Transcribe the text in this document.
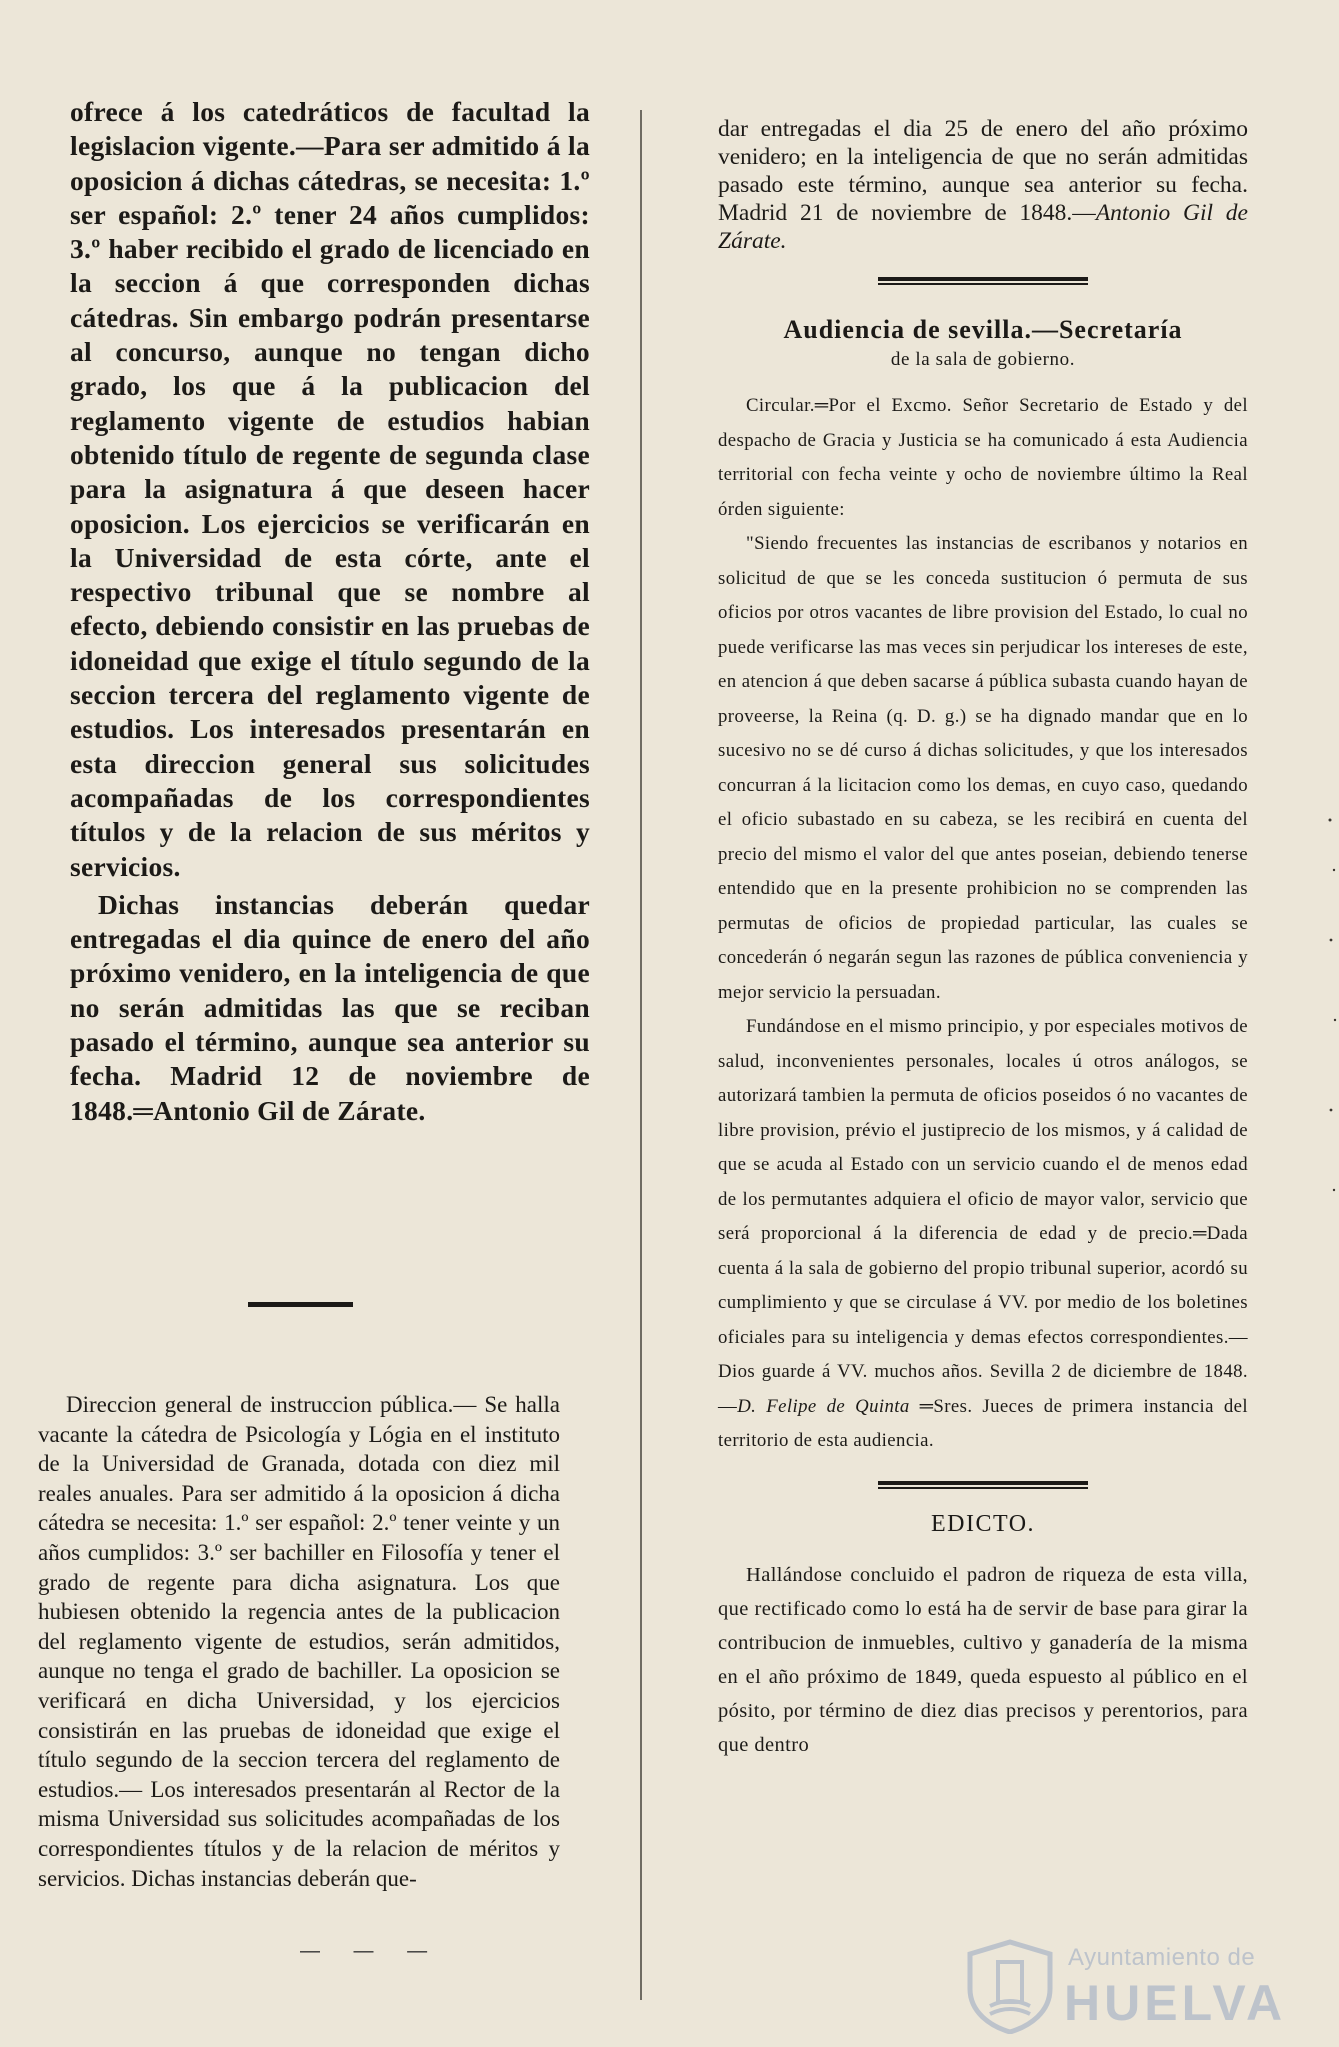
ofrece á los catedráticos de facultad la legislacion vigente.—Para ser admitido á la oposicion á dichas cátedras, se necesita: 1.º ser español: 2.º tener 24 años cumplidos: 3.º haber recibido el grado de licenciado en la seccion á que corresponden dichas cátedras. Sin embargo podrán presentarse al concurso, aunque no tengan dicho grado, los que á la publicacion del reglamento vigente de estudios habian obtenido título de regente de segunda clase para la asignatura á que deseen hacer oposicion. Los ejercicios se verificarán en la Universidad de esta córte, ante el respectivo tribunal que se nombre al efecto, debiendo consistir en las pruebas de idoneidad que exige el título segundo de la seccion tercera del reglamento vigente de estudios. Los interesados presentarán en esta direccion general sus solicitudes acompañadas de los correspondientes títulos y de la relacion de sus méritos y servicios.

Dichas instancias deberán quedar entregadas el dia quince de enero del año próximo venidero, en la inteligencia de que no serán admitidas las que se reciban pasado el término, aunque sea anterior su fecha. Madrid 12 de noviembre de 1848.═Antonio Gil de Zárate.

Direccion general de instruccion pública.— Se halla vacante la cátedra de Psicología y Lógia en el instituto de la Universidad de Granada, dotada con diez mil reales anuales. Para ser admitido á la oposicion á dicha cátedra se necesita: 1.º ser español: 2.º tener veinte y un años cumplidos: 3.º ser bachiller en Filosofía y tener el grado de regente para dicha asignatura. Los que hubiesen obtenido la regencia antes de la publicacion del reglamento vigente de estudios, serán admitidos, aunque no tenga el grado de bachiller. La oposicion se verificará en dicha Universidad, y los ejercicios consistirán en las pruebas de idoneidad que exige el título segundo de la seccion tercera del reglamento de estudios.— Los interesados presentarán al Rector de la misma Universidad sus solicitudes acompañadas de los correspondientes títulos y de la relacion de méritos y servicios. Dichas instancias deberán que-

— — —

dar entregadas el dia 25 de enero del año próximo venidero; en la inteligencia de que no serán admitidas pasado este término, aunque sea anterior su fecha. Madrid 21 de noviembre de 1848.—Antonio Gil de Zárate.

Audiencia de sevilla.—Secretaría
de la sala de gobierno.

Circular.═Por el Excmo. Señor Secretario de Estado y del despacho de Gracia y Justicia se ha comunicado á esta Audiencia territorial con fecha veinte y ocho de noviembre último la Real órden siguiente:

"Siendo frecuentes las instancias de escribanos y notarios en solicitud de que se les conceda sustitucion ó permuta de sus oficios por otros vacantes de libre provision del Estado, lo cual no puede verificarse las mas veces sin perjudicar los intereses de este, en atencion á que deben sacarse á pública subasta cuando hayan de proveerse, la Reina (q. D. g.) se ha dignado mandar que en lo sucesivo no se dé curso á dichas solicitudes, y que los interesados concurran á la licitacion como los demas, en cuyo caso, quedando el oficio subastado en su cabeza, se les recibirá en cuenta del precio del mismo el valor del que antes poseian, debiendo tenerse entendido que en la presente prohibicion no se comprenden las permutas de oficios de propiedad particular, las cuales se concederán ó negarán segun las razones de pública conveniencia y mejor servicio la persuadan.

Fundándose en el mismo principio, y por especiales motivos de salud, inconvenientes personales, locales ú otros análogos, se autorizará tambien la permuta de oficios poseidos ó no vacantes de libre provision, prévio el justiprecio de los mismos, y á calidad de que se acuda al Estado con un servicio cuando el de menos edad de los permutantes adquiera el oficio de mayor valor, servicio que será proporcional á la diferencia de edad y de precio.═Dada cuenta á la sala de gobierno del propio tribunal superior, acordó su cumplimiento y que se circulase á VV. por medio de los boletines oficiales para su inteligencia y demas efectos correspondientes.—Dios guarde á VV. muchos años. Sevilla 2 de diciembre de 1848.—D. Felipe de Quinta ═Sres. Jueces de primera instancia del territorio de esta audiencia.

EDICTO.

Hallándose concluido el padron de riqueza de esta villa, que rectificado como lo está ha de servir de base para girar la contribucion de inmuebles, cultivo y ganadería de la misma en el año próximo de 1849, queda espuesto al público en el pósito, por término de diez dias precisos y perentorios, para que dentro

Ayuntamiento de
HUELVA
